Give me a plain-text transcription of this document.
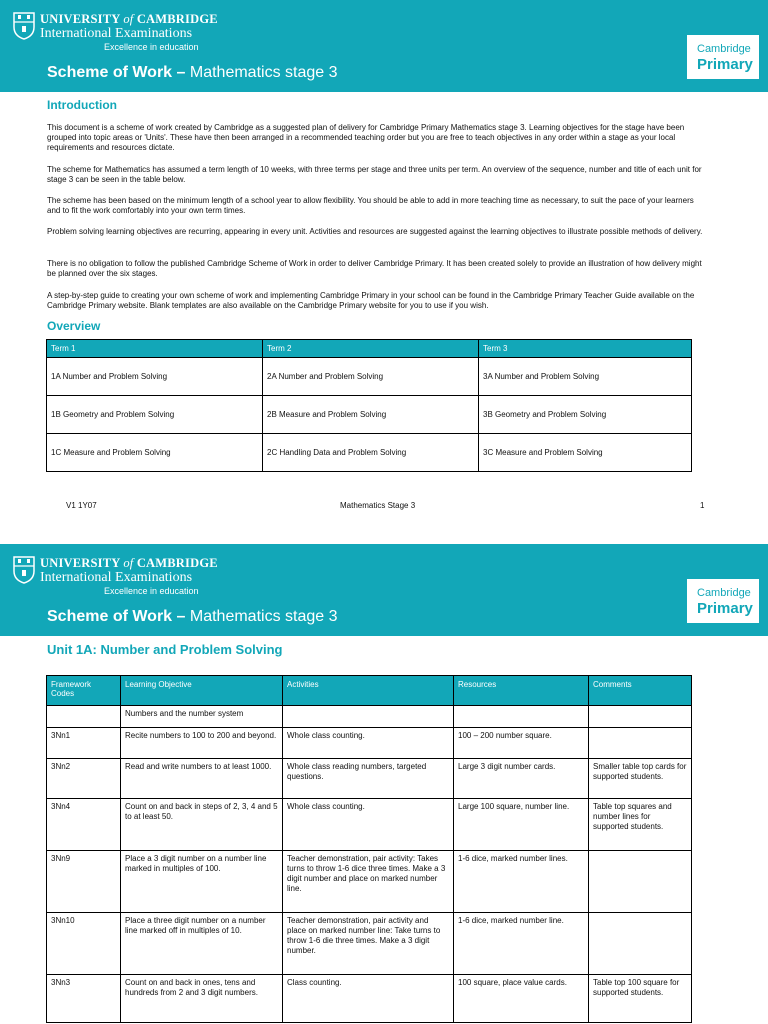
UNIVERSITY of CAMBRIDGE
International Examinations
Excellence in education
Scheme of Work – Mathematics stage 3
Cambridge
Primary
Introduction
This document is a scheme of work created by Cambridge as a suggested plan of delivery for Cambridge Primary Mathematics stage 3. Learning objectives for the stage have been grouped into topic areas or 'Units'. These have then been arranged in a recommended teaching order but you are free to teach objectives in any order within a stage as your local requirements and resources dictate.
The scheme for Mathematics has assumed a term length of 10 weeks, with three terms per stage and three units per term. An overview of the sequence, number and title of each unit for stage 3 can be seen in the table below.
The scheme has been based on the minimum length of a school year to allow flexibility. You should be able to add in more teaching time as necessary, to suit the pace of your learners and to fit the work comfortably into your own term times.
Problem solving learning objectives are recurring, appearing in every unit. Activities and resources are suggested against the learning objectives to illustrate possible methods of delivery.
There is no obligation to follow the published Cambridge Scheme of Work in order to deliver Cambridge Primary. It has been created solely to provide an illustration of how delivery might be planned over the six stages.
A step-by-step guide to creating your own scheme of work and implementing Cambridge Primary in your school can be found in the Cambridge Primary Teacher Guide available on the Cambridge Primary website. Blank templates are also available on the Cambridge Primary website for you to use if you wish.
Overview
Term 1	Term 2	Term 3
1A Number and Problem Solving	2A Number and Problem Solving	3A Number and Problem Solving
1B Geometry and Problem Solving	2B Measure and Problem Solving	3B Geometry and Problem Solving
1C Measure and Problem Solving	2C Handling Data and Problem Solving	3C Measure and Problem Solving
V1 1Y07	Mathematics Stage 3	1
UNIVERSITY of CAMBRIDGE
International Examinations
Excellence in education
Scheme of Work – Mathematics stage 3
Cambridge
Primary
Unit 1A: Number and Problem Solving
Framework Codes	Learning Objective	Activities	Resources	Comments
	Numbers and the number system			
3Nn1	Recite numbers to 100 to 200 and beyond.	Whole class counting.	100 – 200 number square.	
3Nn2	Read and write numbers to at least 1000.	Whole class reading numbers, targeted questions.	Large 3 digit number cards.	Smaller table top cards for supported students.
3Nn4	Count on and back in steps of 2, 3, 4 and 5 to at least 50.	Whole class counting.	Large 100 square, number line.	Table top squares and number lines for supported students.
3Nn9	Place a 3 digit number on a number line marked in multiples of 100.	Teacher demonstration, pair activity: Takes turns to throw 1-6 dice three times. Make a 3 digit number and place on marked number line.	1-6 dice, marked number lines.	
3Nn10	Place a three digit number on a number line marked off in multiples of 10.	Teacher demonstration, pair activity and place on marked number line: Take turns to throw 1-6 die three times. Make a 3 digit number.	1-6 dice, marked number line.	
3Nn3	Count on and back in ones, tens and hundreds from 2 and 3 digit numbers.	Class counting.	100 square, place value cards.	Table top 100 square for supported students.
